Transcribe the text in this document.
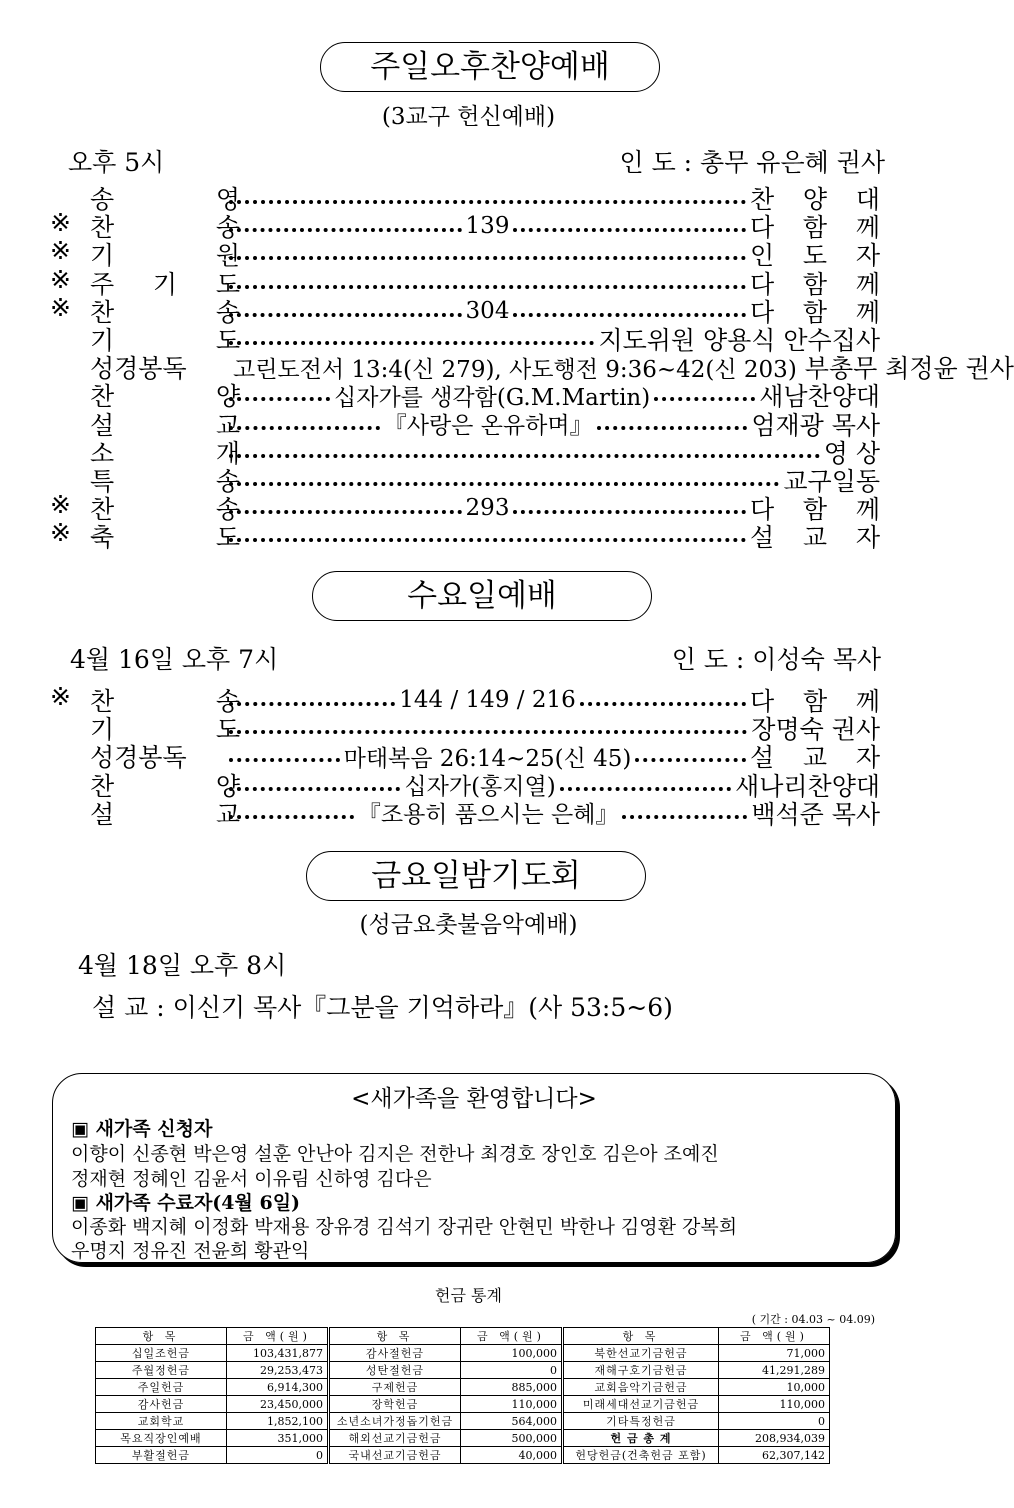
주일오후찬양예배
(3교구 헌신예배)
오후 5시	인 도 : 총무 유은혜 권사
송	영	찬 양 대
※ 찬	송	139	다 함 께
※ 기	원	인 도 자
※ 주 기 도	다 함 께
※ 찬	송	304	다 함 께
기	도	지도위원 양용식 안수집사
성경봉독 고린도전서 13:4(신 279), 사도행전 9:36~42(신 203) 부총무 최정윤 권사
찬	양	십자가를 생각함(G.M.Martin)	새남찬양대
설	교	『사랑은 온유하며』	엄재광 목사
소	개	영 상
특	송	교구일동
※ 찬	송	293	다 함 께
※ 축	도	설 교 자
수요일예배
4월 16일 오후 7시	인 도 : 이성숙 목사
※ 찬	송	144 / 149 / 216	다 함 께
기	도	장명숙 권사
성경봉독	마태복음 26:14~25(신 45)	설 교 자
찬	양	십자가(홍지열)	새나리찬양대
설	교	『조용히 품으시는 은혜』	백석준 목사
금요일밤기도회
(성금요촛불음악예배)
4월 18일 오후 8시
설 교 : 이신기 목사『그분을 기억하라』(사 53:5~6)
<새가족을 환영합니다>
▣ 새가족 신청자
이향이 신종현 박은영 설훈 안난아 김지은 전한나 최경호 장인호 김은아 조예진
정재현 정혜인 김윤서 이유림 신하영 김다은
▣ 새가족 수료자(4월 6일)
이종화 백지혜 이정화 박재용 장유경 김석기 장귀란 안현민 박한나 김영환 강복희
우명지 정유진 전윤희 황관익
헌금 통계
( 기간 : 04.03 ~ 04.09)
항 목	금 액(원)	항 목	금 액(원)	항 목	금 액(원)
십일조헌금	103,431,877	감사절헌금	100,000	북한선교기금헌금	71,000
주월정헌금	29,253,473	성탄절헌금	0	재해구호기금헌금	41,291,289
주일헌금	6,914,300	구제헌금	885,000	교회음악기금헌금	10,000
감사헌금	23,450,000	장학헌금	110,000	미래세대선교기금헌금	110,000
교회학교	1,852,100	소년소녀가정돕기헌금	564,000	기타특정헌금	0
목요직장인예배	351,000	해외선교기금헌금	500,000	헌 금 총 계	208,934,039
부활절헌금	0	국내선교기금헌금	40,000	헌당헌금(건축헌금 포함)	62,307,142
